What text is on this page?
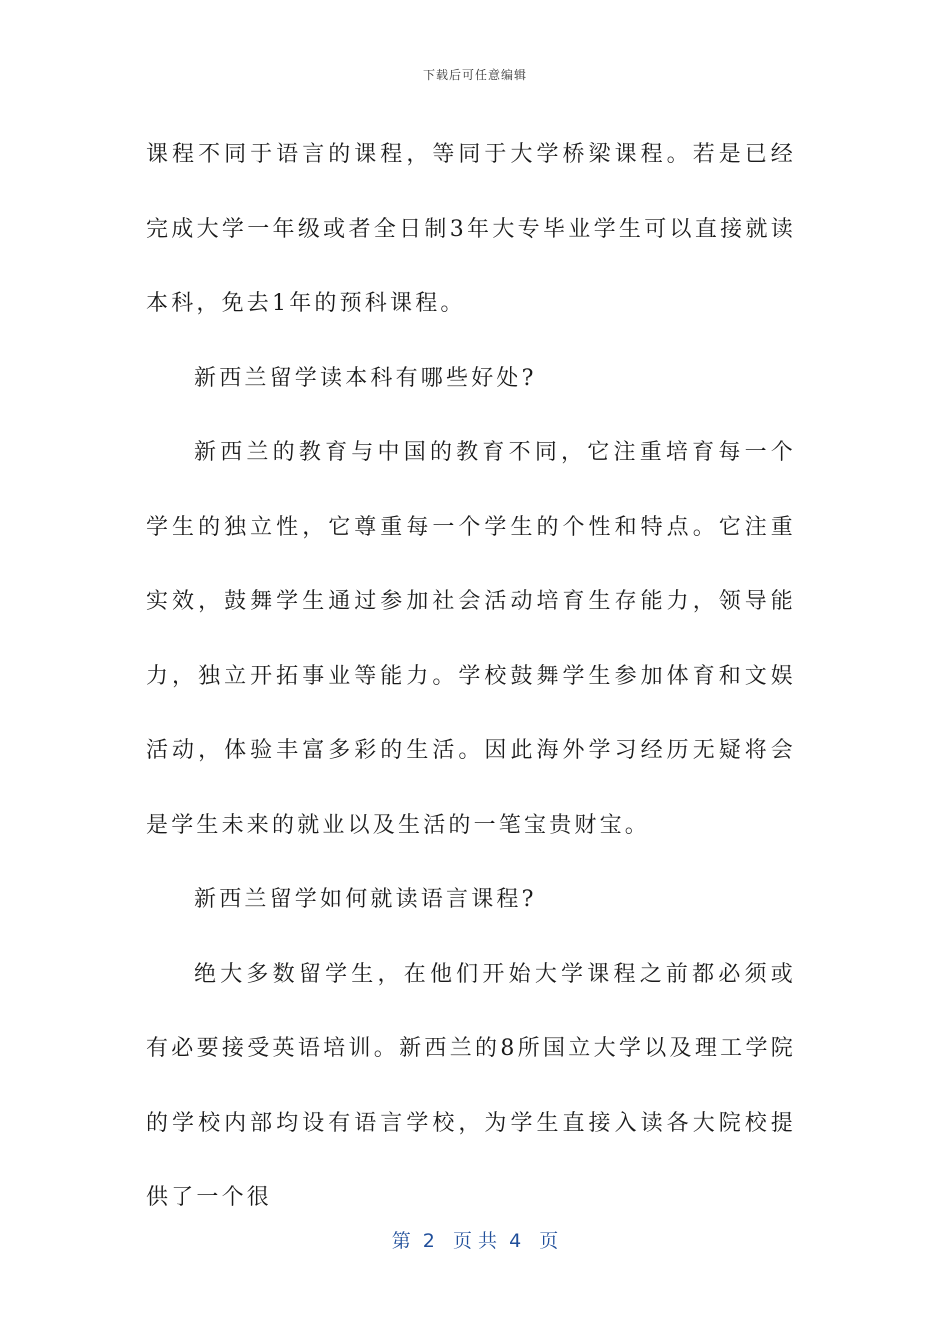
下载后可任意编辑

课程不同于语言的课程，等同于大学桥梁课程。若是已经完成大学一年级或者全日制3年大专毕业学生可以直接就读本科，免去1年的预科课程。

新西兰留学读本科有哪些好处?

新西兰的教育与中国的教育不同，它注重培育每一个学生的独立性，它尊重每一个学生的个性和特点。它注重实效，鼓舞学生通过参加社会活动培育生存能力，领导能力，独立开拓事业等能力。学校鼓舞学生参加体育和文娱活动，体验丰富多彩的生活。因此海外学习经历无疑将会是学生未来的就业以及生活的一笔宝贵财宝。

新西兰留学如何就读语言课程?

绝大多数留学生，在他们开始大学课程之前都必须或有必要接受英语培训。新西兰的8所国立大学以及理工学院的学校内部均设有语言学校，为学生直接入读各大院校提供了一个很

第  2   页 共  4   页
